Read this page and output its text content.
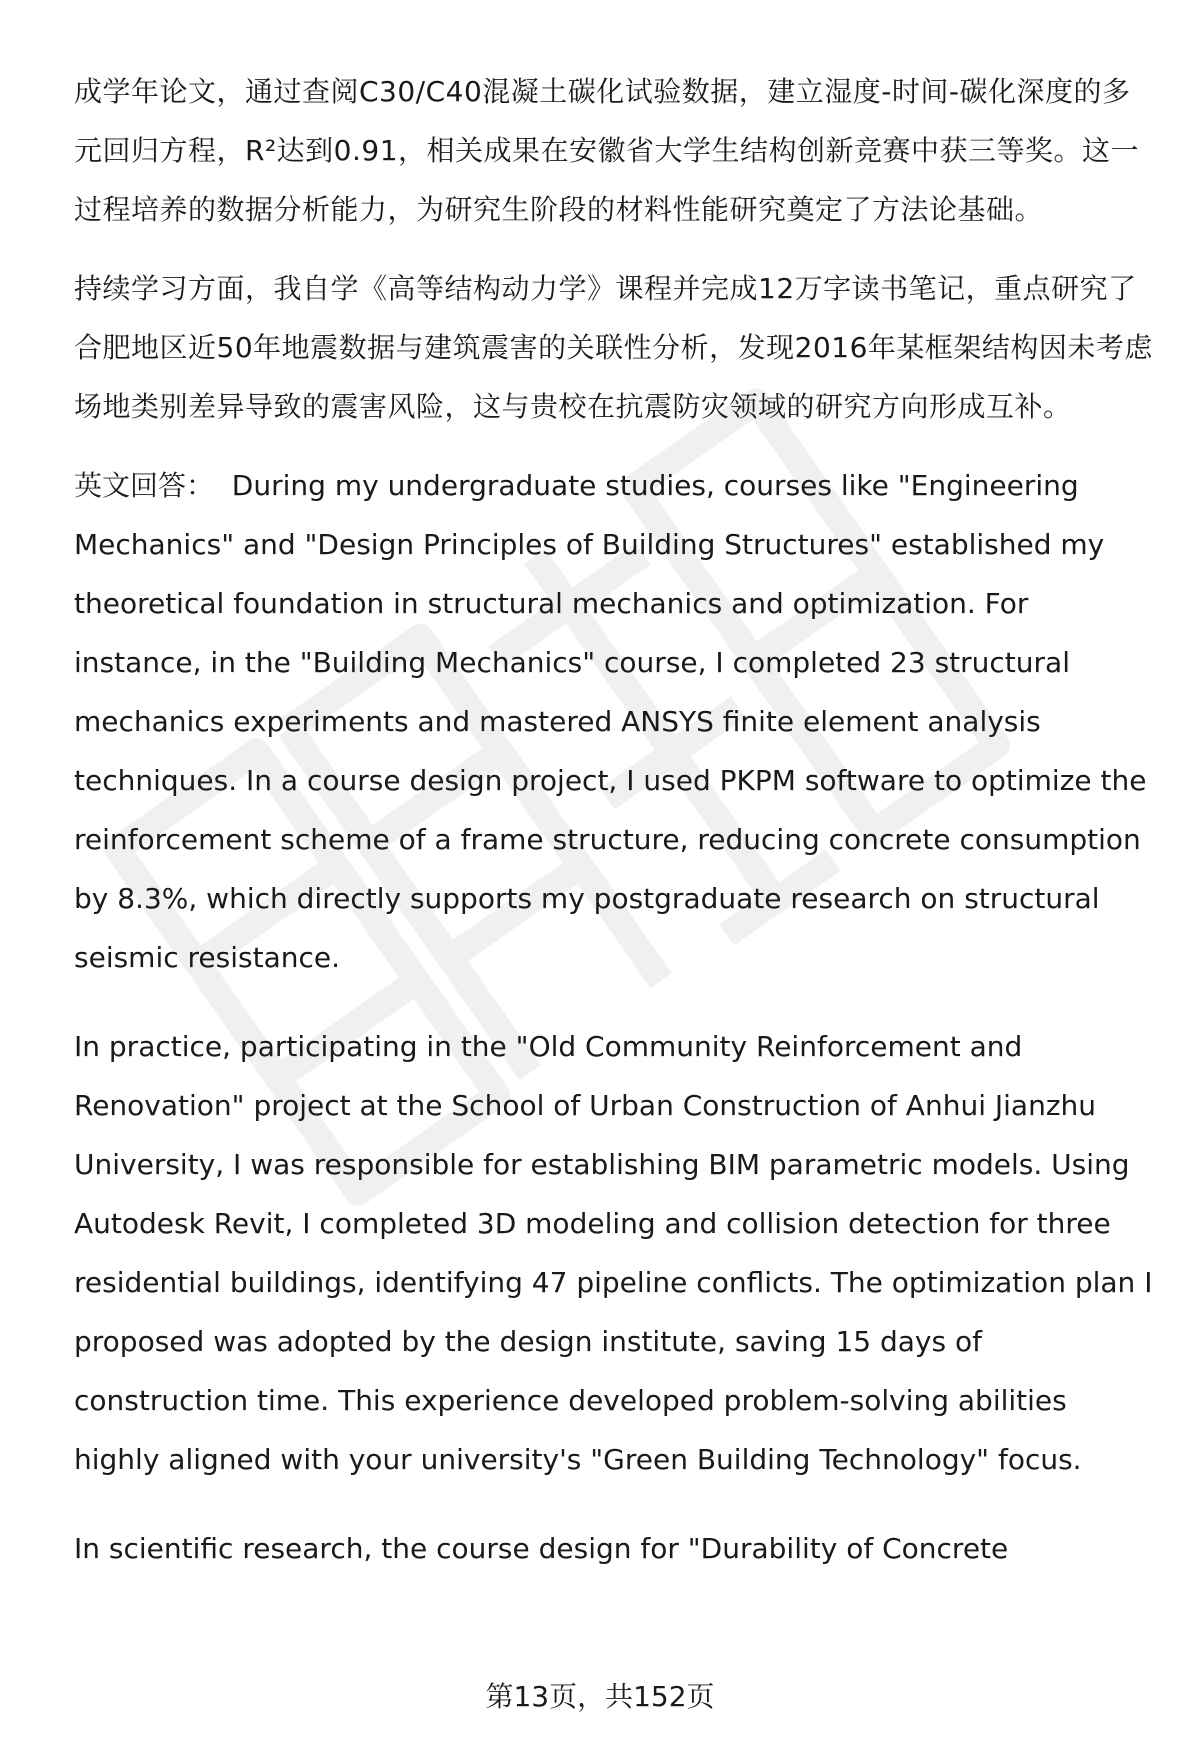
成学年论文，通过查阅C30/C40混凝土碳化试验数据，建立湿度-时间-碳化深度的多元回归方程，R²达到0.91，相关成果在安徽省大学生结构创新竞赛中获三等奖。这一过程培养的数据分析能力，为研究生阶段的材料性能研究奠定了方法论基础。

持续学习方面，我自学《高等结构动力学》课程并完成12万字读书笔记，重点研究了合肥地区近50年地震数据与建筑震害的关联性分析，发现2016年某框架结构因未考虑场地类别差异导致的震害风险，这与贵校在抗震防灾领域的研究方向形成互补。

英文回答：  During my undergraduate studies, courses like "Engineering Mechanics" and "Design Principles of Building Structures" established my theoretical foundation in structural mechanics and optimization. For instance, in the "Building Mechanics" course, I completed 23 structural mechanics experiments and mastered ANSYS finite element analysis techniques. In a course design project, I used PKPM software to optimize the reinforcement scheme of a frame structure, reducing concrete consumption by 8.3%, which directly supports my postgraduate research on structural seismic resistance.

In practice, participating in the "Old Community Reinforcement and Renovation" project at the School of Urban Construction of Anhui Jianzhu University, I was responsible for establishing BIM parametric models. Using Autodesk Revit, I completed 3D modeling and collision detection for three residential buildings, identifying 47 pipeline conflicts. The optimization plan I proposed was adopted by the design institute, saving 15 days of construction time. This experience developed problem-solving abilities highly aligned with your university's "Green Building Technology" focus.

In scientific research, the course design for "Durability of Concrete

第13页，共152页
